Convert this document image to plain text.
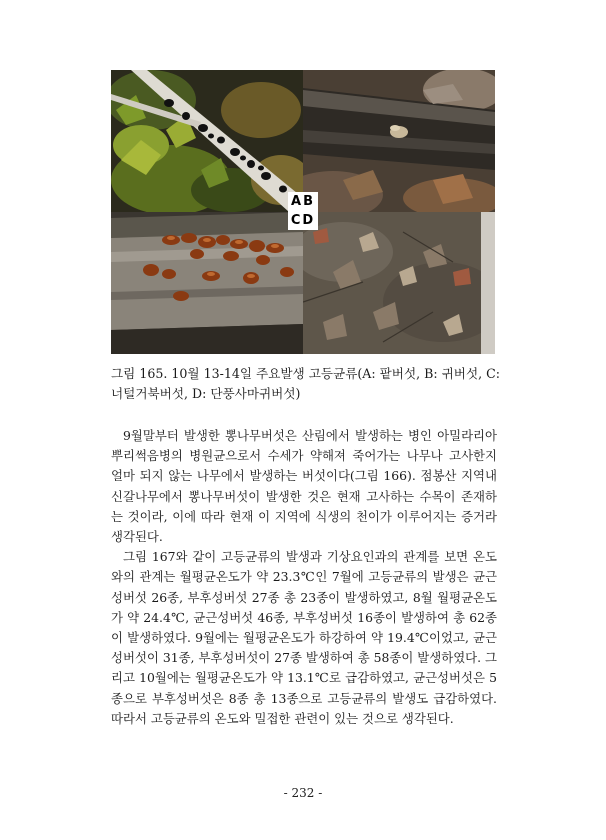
AB
CD
그림 165. 10월 13-14일 주요발생 고등균류(A: 팥버섯, B: 귀버섯, C:
너털거북버섯, D: 단풍사마귀버섯)

9월말부터 발생한 뽕나무버섯은 산림에서 발생하는 병인 아밀라리아 뿌리썩음병의 병원균으로서 수세가 약해져 죽어가는 나무나 고사한지 얼마 되지 않는 나무에서 발생하는 버섯이다(그림 166). 점봉산 지역내 신갈나무에서 뽕나무버섯이 발생한 것은 현재 고사하는 수목이 존재하는 것이라, 이에 따라 현재 이 지역에 식생의 천이가 이루어지는 증거라 생각된다.

그림 167와 같이 고등균류의 발생과 기상요인과의 관계를 보면 온도와의 관계는 월평균온도가 약 23.3℃인 7월에 고등균류의 발생은 균근성버섯 26종, 부후성버섯 27종 총 23종이 발생하였고, 8월 월평균온도가 약 24.4℃, 균근성버섯 46종, 부후성버섯 16종이 발생하여 총 62종이 발생하였다. 9월에는 월평균온도가 하강하여 약 19.4℃이었고, 균근성버섯이 31종, 부후성버섯이 27종 발생하여 총 58종이 발생하였다. 그리고 10월에는 월평균온도가 약 13.1℃로 급감하였고, 균근성버섯은 5종으로 부후성버섯은 8종 총 13종으로 고등균류의 발생도 급감하였다. 따라서 고등균류의 온도와 밀접한 관련이 있는 것으로 생각된다.

- 232 -
